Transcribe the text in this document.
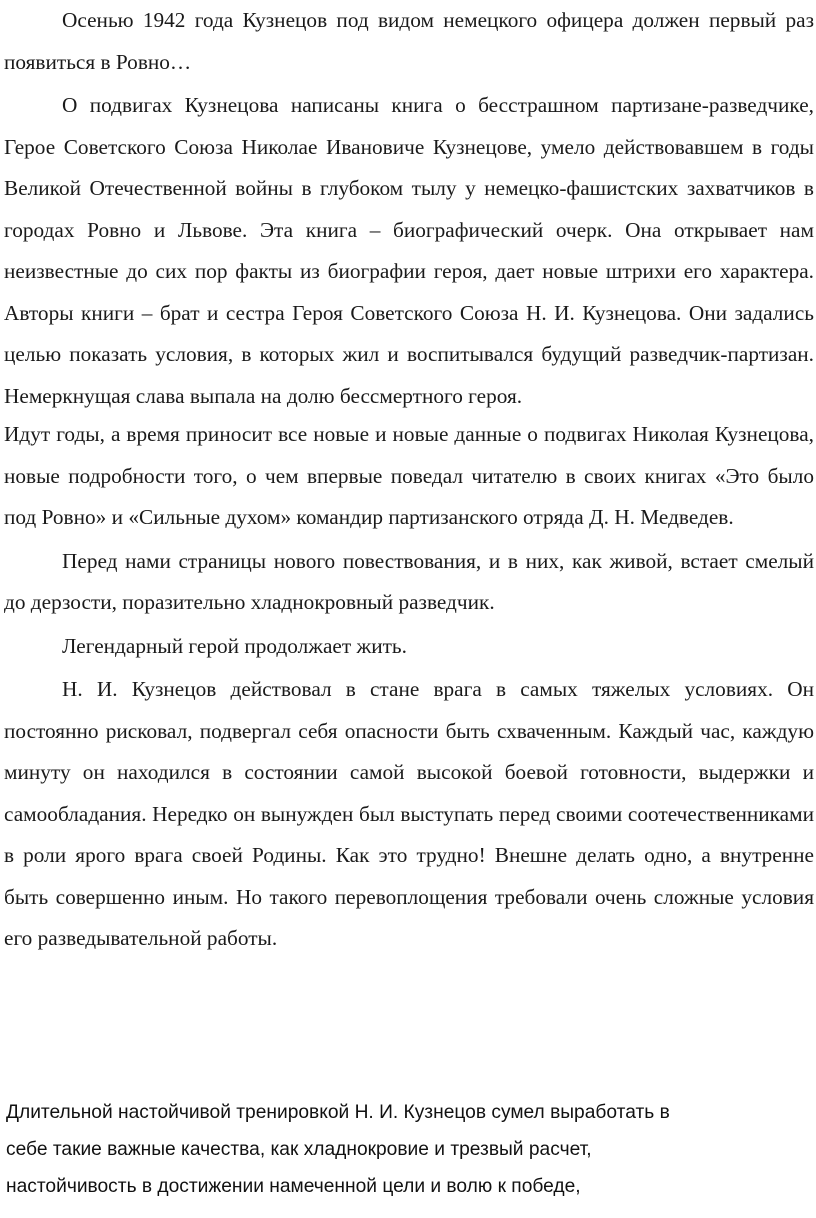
Осенью 1942 года Кузнецов под видом немецкого офицера должен первый раз появиться в Ровно…

О подвигах Кузнецова написаны книга о бесстрашном партизане-разведчике, Герое Советского Союза Николае Ивановиче Кузнецове, умело действовавшем в годы Великой Отечественной войны в глубоком тылу у немецко-фашистских захватчиков в городах Ровно и Львове. Эта книга – биографический очерк. Она открывает нам неизвестные до сих пор факты из биографии героя, дает новые штрихи его характера. Авторы книги – брат и сестра Героя Советского Союза Н. И. Кузнецова. Они задались целью показать условия, в которых жил и воспитывался будущий разведчик-партизан. Немеркнущая слава выпала на долю бессмертного героя.

Идут годы, а время приносит все новые и новые данные о подвигах Николая Кузнецова, новые подробности того, о чем впервые поведал читателю в своих книгах «Это было под Ровно» и «Сильные духом» командир партизанского отряда Д. Н. Медведев.

Перед нами страницы нового повествования, и в них, как живой, встает смелый до дерзости, поразительно хладнокровный разведчик.

Легендарный герой продолжает жить.

Н. И. Кузнецов действовал в стане врага в самых тяжелых условиях. Он постоянно рисковал, подвергал себя опасности быть схваченным. Каждый час, каждую минуту он находился в состоянии самой высокой боевой готовности, выдержки и самообладания. Нередко он вынужден был выступать перед своими соотечественниками в роли ярого врага своей Родины. Как это трудно! Внешне делать одно, а внутренне быть совершенно иным. Но такого перевоплощения требовали очень сложные условия его разведывательной работы.

Длительной настойчивой тренировкой Н. И. Кузнецов сумел выработать в

себе такие важные качества, как хладнокровие и трезвый расчет,

настойчивость в достижении намеченной цели и волю к победе,
